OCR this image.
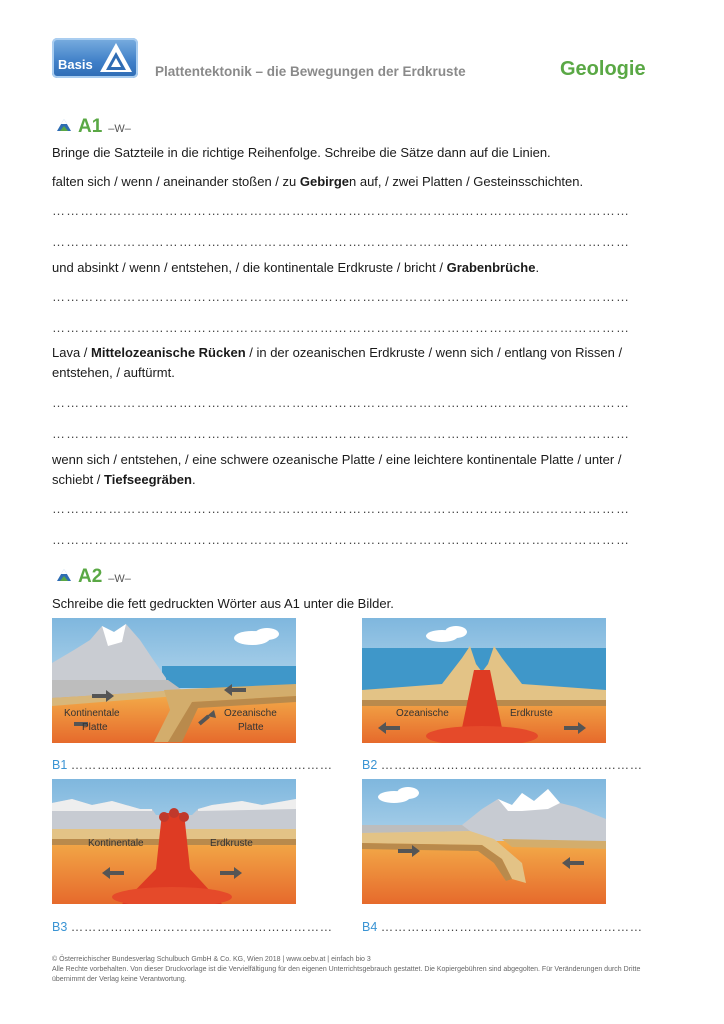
Basis	Plattentektonik – die Bewegungen der Erdkruste	Geologie
A1 –W–
Bringe die Satzteile in die richtige Reihenfolge. Schreibe die Sätze dann auf die Linien.
falten sich / wenn / aneinander stoßen / zu Gebirgen auf, / zwei Platten / Gesteinsschichten.
……………………………………………………………………………………………………………
……………………………………………………………………………………………………………
und absinkt / wenn / entstehen, / die kontinentale Erdkruste / bricht / Grabenbrüche.
……………………………………………………………………………………………………………
……………………………………………………………………………………………………………
Lava / Mittelozeanische Rücken / in der ozeanischen Erdkruste / wenn sich / entlang von Rissen / entstehen, / auftürmt.
……………………………………………………………………………………………………………
……………………………………………………………………………………………………………
wenn sich / entstehen, / eine schwere ozeanische Platte / eine leichtere kontinentale Platte / unter / schiebt / Tiefseegräben.
……………………………………………………………………………………………………………
……………………………………………………………………………………………………………
A2 –W–
Schreibe die fett gedruckten Wörter aus A1 unter die Bilder.
Kontinentale
Platte
Ozeanische
Platte
Ozeanische	Erdkruste
B1 …………………………………………………… B2 ……………………………………………………
Kontinentale	Erdkruste
B3 …………………………………………………… B4 ……………………………………………………
© Österreichischer Bundesverlag Schulbuch GmbH & Co. KG, Wien 2018 | www.oebv.at | einfach bio 3
Alle Rechte vorbehalten. Von dieser Druckvorlage ist die Vervielfältigung für den eigenen Unterrichtsgebrauch gestattet. Die Kopiergebühren sind abgegolten. Für Veränderungen durch Dritte übernimmt der Verlag keine Verantwortung.
